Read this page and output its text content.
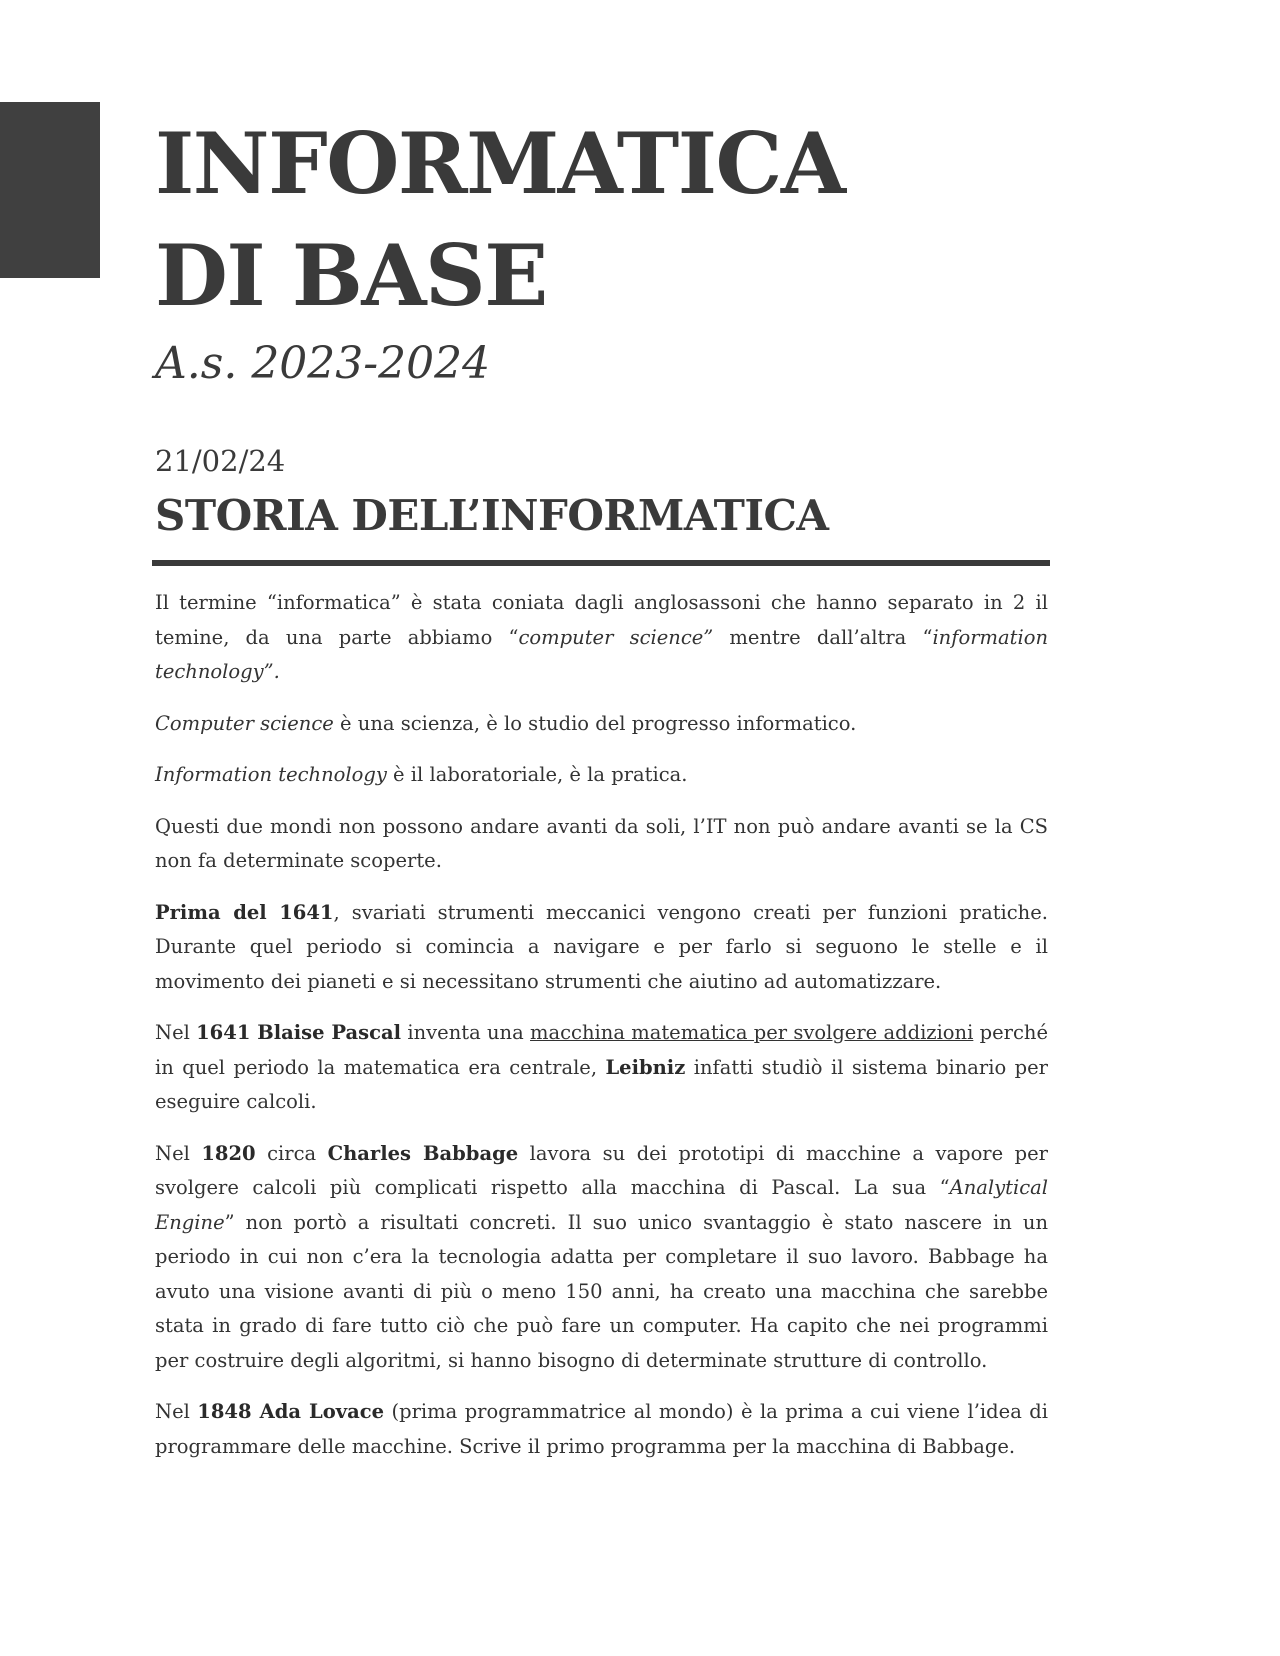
INFORMATICA
DI BASE
A.s. 2023-2024
21/02/24
STORIA DELL’INFORMATICA

Il termine “informatica” è stata coniata dagli anglosassoni che hanno separato in 2 il temine, da una parte abbiamo “computer science” mentre dall’altra “information technology”.

Computer science è una scienza, è lo studio del progresso informatico.

Information technology è il laboratoriale, è la pratica.

Questi due mondi non possono andare avanti da soli, l’IT non può andare avanti se la CS non fa determinate scoperte.

Prima del 1641, svariati strumenti meccanici vengono creati per funzioni pratiche. Durante quel periodo si comincia a navigare e per farlo si seguono le stelle e il movimento dei pianeti e si necessitano strumenti che aiutino ad automatizzare.

Nel 1641 Blaise Pascal inventa una macchina matematica per svolgere addizioni perché in quel periodo la matematica era centrale, Leibniz infatti studiò il sistema binario per eseguire calcoli.

Nel 1820 circa Charles Babbage lavora su dei prototipi di macchine a vapore per svolgere calcoli più complicati rispetto alla macchina di Pascal. La sua “Analytical Engine” non portò a risultati concreti. Il suo unico svantaggio è stato nascere in un periodo in cui non c’era la tecnologia adatta per completare il suo lavoro. Babbage ha avuto una visione avanti di più o meno 150 anni, ha creato una macchina che sarebbe stata in grado di fare tutto ciò che può fare un computer. Ha capito che nei programmi per costruire degli algoritmi, si hanno bisogno di determinate strutture di controllo.

Nel 1848 Ada Lovace (prima programmatrice al mondo) è la prima a cui viene l’idea di programmare delle macchine. Scrive il primo programma per la macchina di Babbage.
